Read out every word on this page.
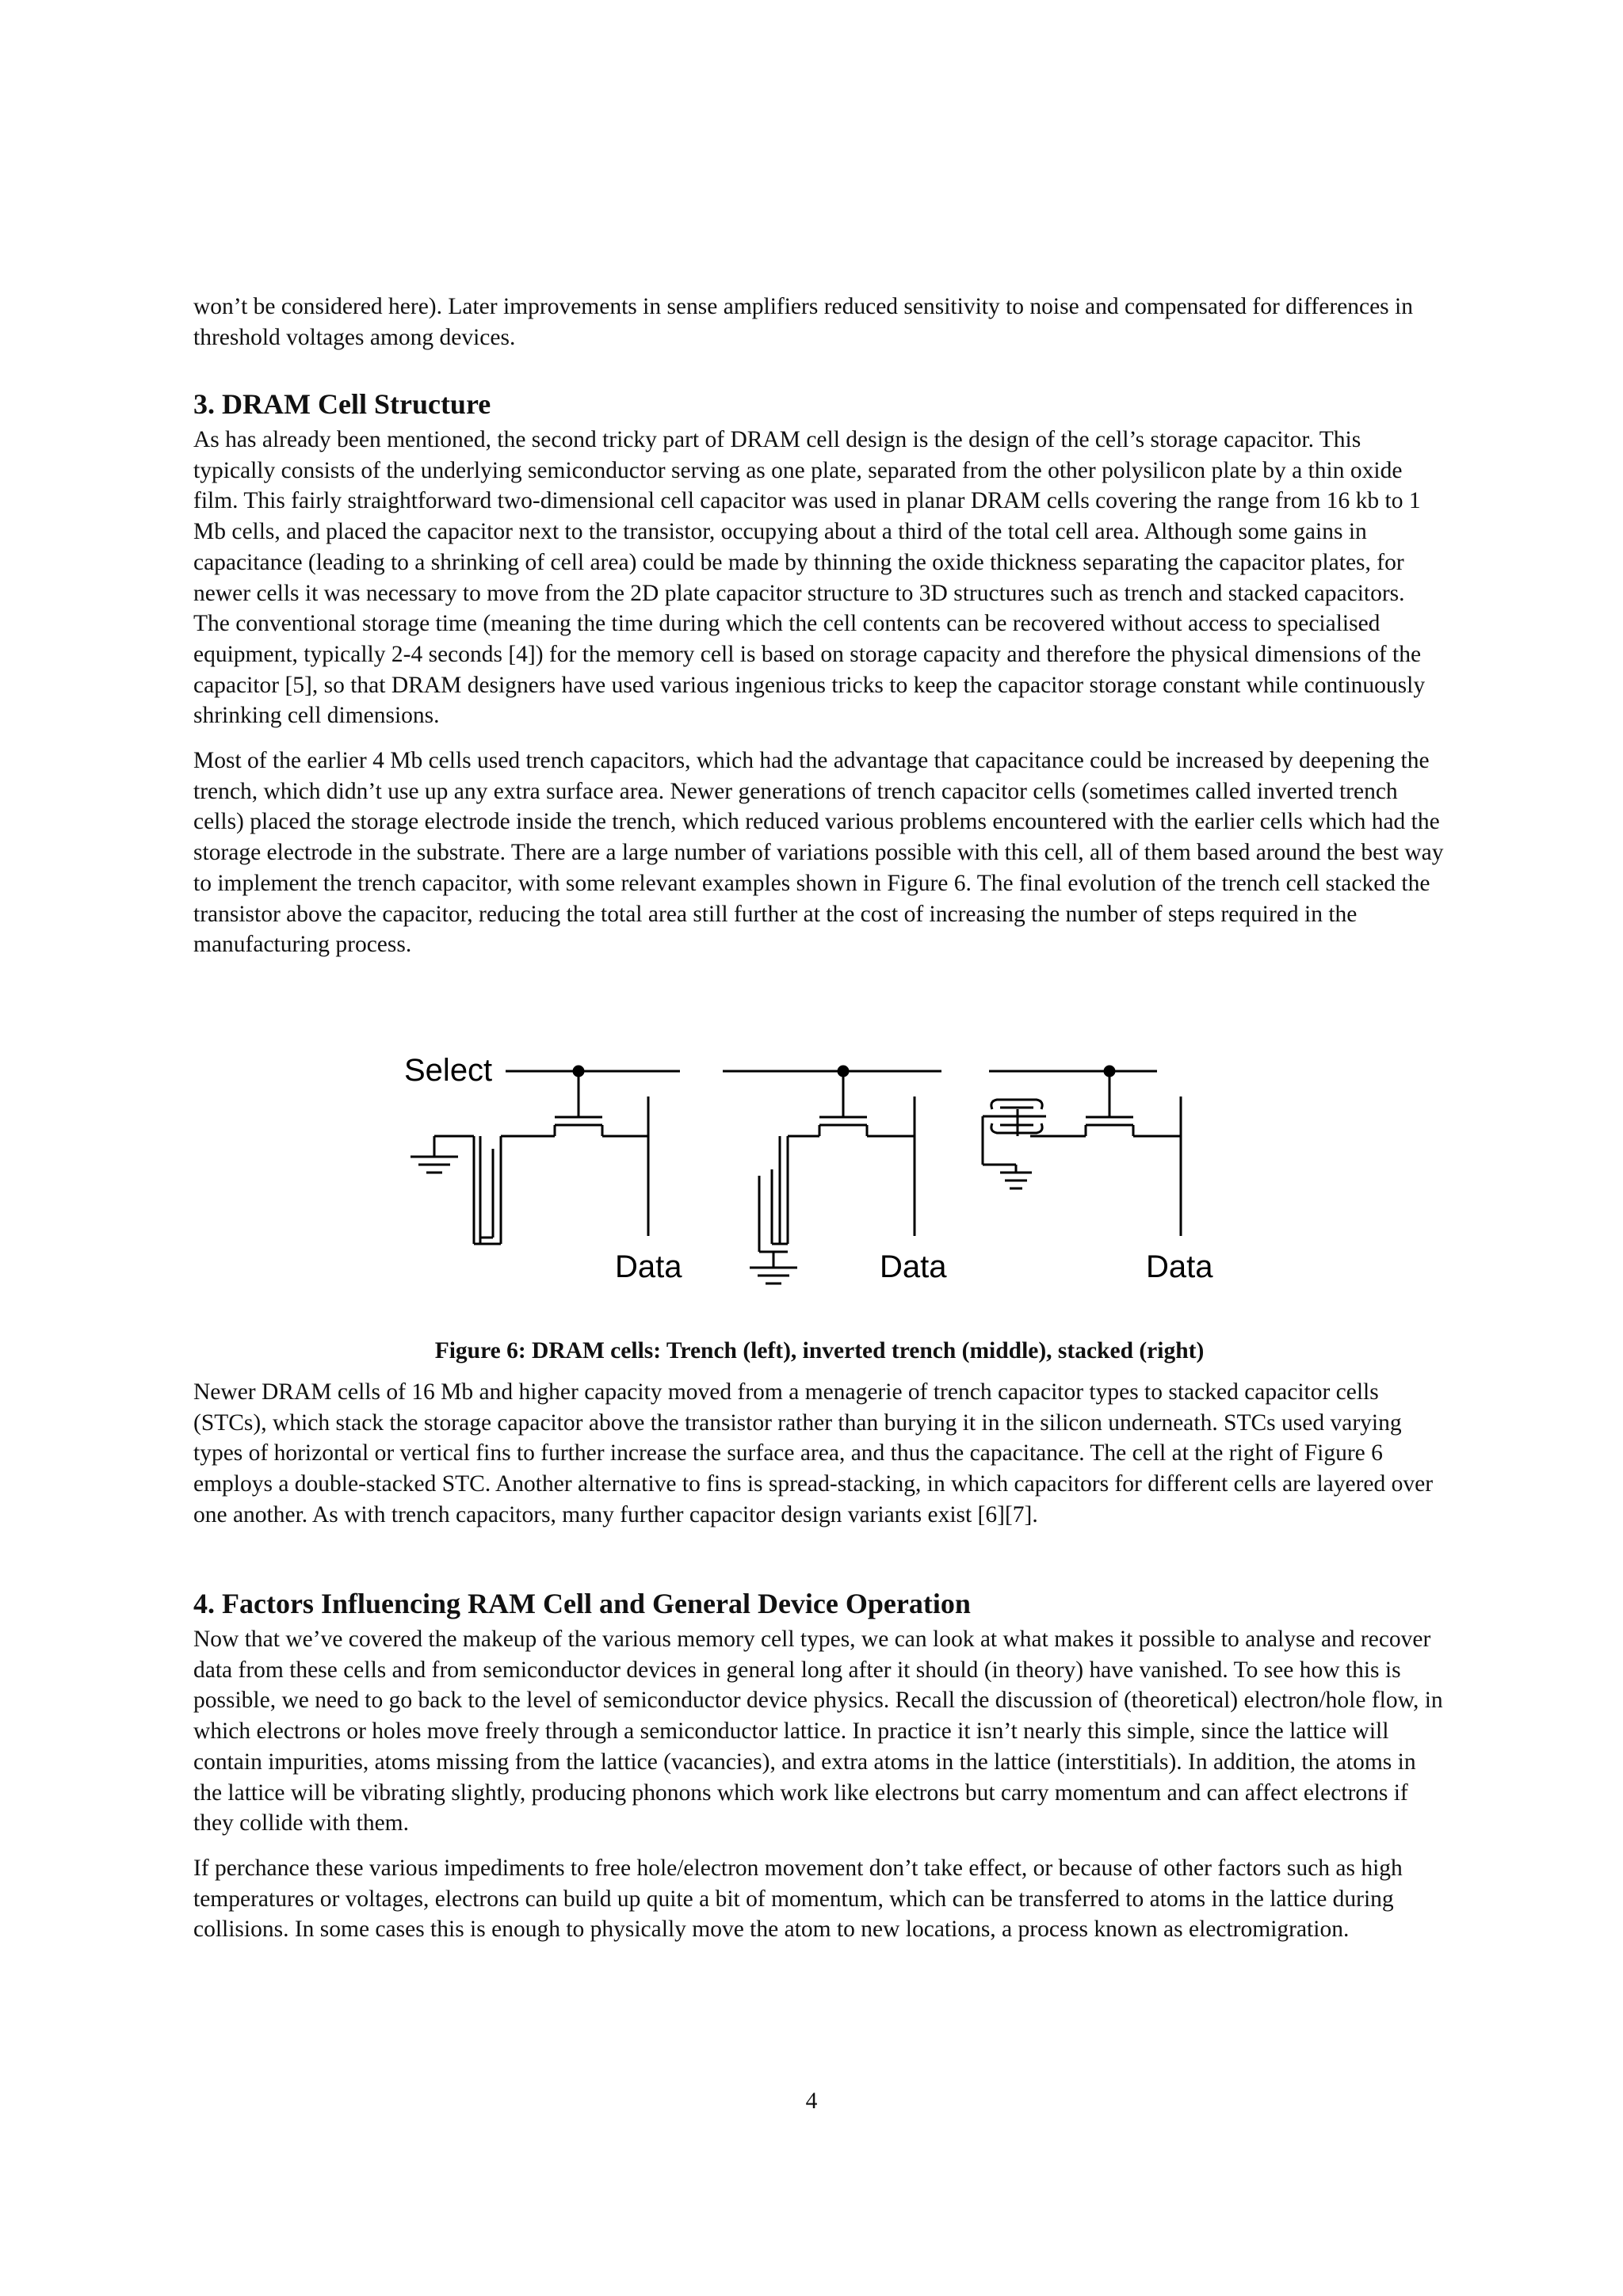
won’t be considered here). Later improvements in sense amplifiers reduced sensitivity to noise and compensated for differences in threshold voltages among devices.

3. DRAM Cell Structure

As has already been mentioned, the second tricky part of DRAM cell design is the design of the cell’s storage capacitor. This typically consists of the underlying semiconductor serving as one plate, separated from the other polysilicon plate by a thin oxide film. This fairly straightforward two-dimensional cell capacitor was used in planar DRAM cells covering the range from 16 kb to 1 Mb cells, and placed the capacitor next to the transistor, occupying about a third of the total cell area. Although some gains in capacitance (leading to a shrinking of cell area) could be made by thinning the oxide thickness separating the capacitor plates, for newer cells it was necessary to move from the 2D plate capacitor structure to 3D structures such as trench and stacked capacitors. The conventional storage time (meaning the time during which the cell contents can be recovered without access to specialised equipment, typically 2-4 seconds [4]) for the memory cell is based on storage capacity and therefore the physical dimensions of the capacitor [5], so that DRAM designers have used various ingenious tricks to keep the capacitor storage constant while continuously shrinking cell dimensions.

Most of the earlier 4 Mb cells used trench capacitors, which had the advantage that capacitance could be increased by deepening the trench, which didn’t use up any extra surface area. Newer generations of trench capacitor cells (sometimes called inverted trench cells) placed the storage electrode inside the trench, which reduced various problems encountered with the earlier cells which had the storage electrode in the substrate. There are a large number of variations possible with this cell, all of them based around the best way to implement the trench capacitor, with some relevant examples shown in Figure 6. The final evolution of the trench cell stacked the transistor above the capacitor, reducing the total area still further at the cost of increasing the number of steps required in the manufacturing process.

Select
Data	Data	Data
Figure 6: DRAM cells: Trench (left), inverted trench (middle), stacked (right)

Newer DRAM cells of 16 Mb and higher capacity moved from a menagerie of trench capacitor types to stacked capacitor cells (STCs), which stack the storage capacitor above the transistor rather than burying it in the silicon underneath. STCs used varying types of horizontal or vertical fins to further increase the surface area, and thus the capacitance. The cell at the right of Figure 6 employs a double-stacked STC. Another alternative to fins is spread-stacking, in which capacitors for different cells are layered over one another. As with trench capacitors, many further capacitor design variants exist [6][7].

4. Factors Influencing RAM Cell and General Device Operation

Now that we’ve covered the makeup of the various memory cell types, we can look at what makes it possible to analyse and recover data from these cells and from semiconductor devices in general long after it should (in theory) have vanished. To see how this is possible, we need to go back to the level of semiconductor device physics. Recall the discussion of (theoretical) electron/hole flow, in which electrons or holes move freely through a semiconductor lattice. In practice it isn’t nearly this simple, since the lattice will contain impurities, atoms missing from the lattice (vacancies), and extra atoms in the lattice (interstitials). In addition, the atoms in the lattice will be vibrating slightly, producing phonons which work like electrons but carry momentum and can affect electrons if they collide with them.

If perchance these various impediments to free hole/electron movement don’t take effect, or because of other factors such as high temperatures or voltages, electrons can build up quite a bit of momentum, which can be transferred to atoms in the lattice during collisions. In some cases this is enough to physically move the atom to new locations, a process known as electromigration.

4
